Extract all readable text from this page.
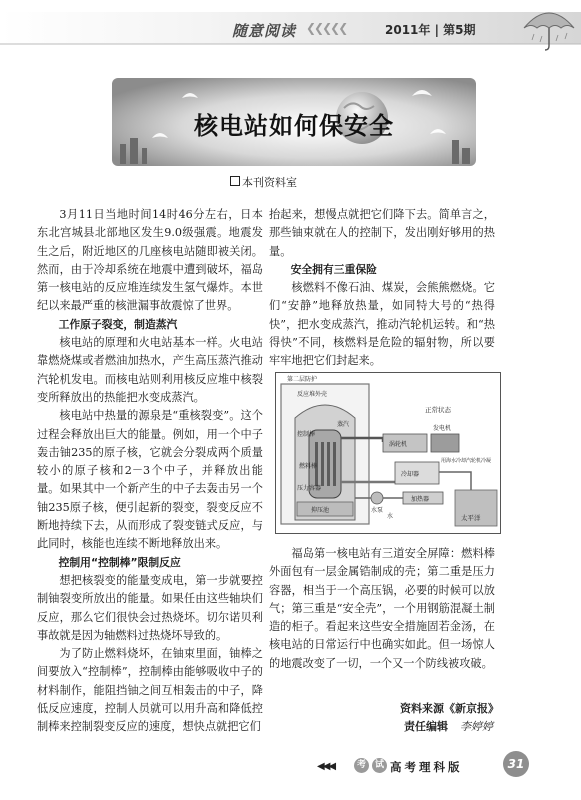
随意阅读 ❮❮❮❮❮	2011年 | 第5期
核电站如何保安全
本刊资料室

3月11日当地时间14时46分左右，日本东北宫城县北部地区发生9.0级强震。地震发生之后，附近地区的几座核电站随即被关闭。然而，由于冷却系统在地震中遭到破坏，福岛第一核电站的反应堆连续发生氢气爆炸。本世纪以来最严重的核泄漏事故震惊了世界。

工作原子裂变，制造蒸汽

核电站的原理和火电站基本一样。火电站靠燃烧煤或者燃油加热水，产生高压蒸汽推动汽轮机发电。而核电站则利用核反应堆中核裂变所释放出的热能把水变成蒸汽。

核电站中热量的源泉是“重核裂变”。这个过程会释放出巨大的能量。例如，用一个中子轰击铀235的原子核，它就会分裂成两个质量较小的原子核和2－3个中子，并释放出能量。如果其中一个新产生的中子去轰击另一个铀235原子核，便引起新的裂变，裂变反应不断地持续下去，从而形成了裂变链式反应，与此同时，核能也连续不断地释放出来。

控制用“控制棒”限制反应

想把核裂变的能量变成电，第一步就要控制铀裂变所放出的能量。如果任由这些轴块们反应，那么它们很快会过热烧坏。切尔诺贝利事故就是因为轴燃料过热烧坏导致的。

为了防止燃料烧坏，在铀束里面，铀棒之间要放入“控制棒”，控制棒由能够吸收中子的材料制作，能阻挡铀之间互相轰击的中子，降低反应速度，控制人员就可以用升高和降低控制棒来控制裂变反应的速度，想快点就把它们

抬起来，想慢点就把它们降下去。简单言之，那些铀束就在人的控制下，发出刚好够用的热量。

安全拥有三重保险

核燃料不像石油、煤炭，会熊熊燃烧。它们“安静”地释放热量，如同特大号的“热得快”，把水变成蒸汽，推动汽轮机运转。和“热得快”不同，核燃料是危险的辐射物，所以要牢牢地把它们封起来。

第二层防护
反应堆外壳
控制棒
蒸汽
燃料棒
压力容器
抑压池
正常状态
涡轮机
发电机
冷却器
用海水冷却汽轮机冷凝
水泵
加热器
水	太平洋

福岛第一核电站有三道安全屏障：燃料棒外面包有一层金属锆制成的壳；第二重是压力容器，相当于一个高压锅，必要的时候可以放气；第三重是“安全壳”，一个用钢筋混凝土制造的柜子。看起来这些安全措施固若金汤，在核电站的日常运行中也确实如此。但一场惊人的地震改变了一切，一个又一个防线被攻破。

资料来源《新京报》
责任编辑 李婷婷
◀◀◀	考 试 高考理科版	31
